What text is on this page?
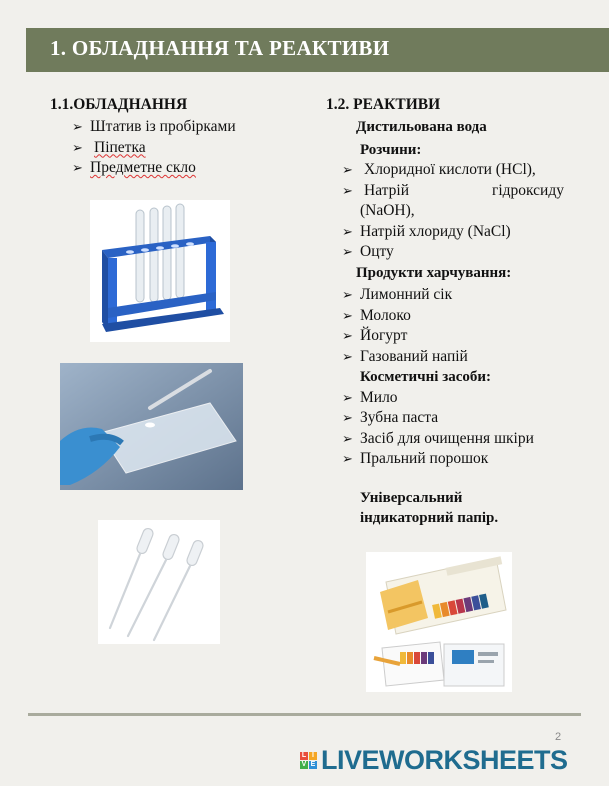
1. ОБЛАДНАННЯ ТА РЕАКТИВИ

1.1.ОБЛАДНАННЯ

➢ Штатив із пробірками
➢ Піпетка
➢ Предметне скло

1.2. РЕАКТИВИ

Дистильована вода
Розчини:
➢ Хлоридної кислоти (HCl),
➢ Натрій	гідроксиду
(NaOH),
➢ Натрій хлориду (NaCl)
➢ Оцту
Продукти харчування:
➢ Лимонний сік
➢ Молоко
➢ Йогурт
➢ Газований напій
Косметичні засоби:
➢ Мило
➢ Зубна паста
➢ Засіб для очищення шкіри
➢ Пральний порошок
Універсальний
індикаторний папір.
2
L I
V E LIVEWORKSHEETS
